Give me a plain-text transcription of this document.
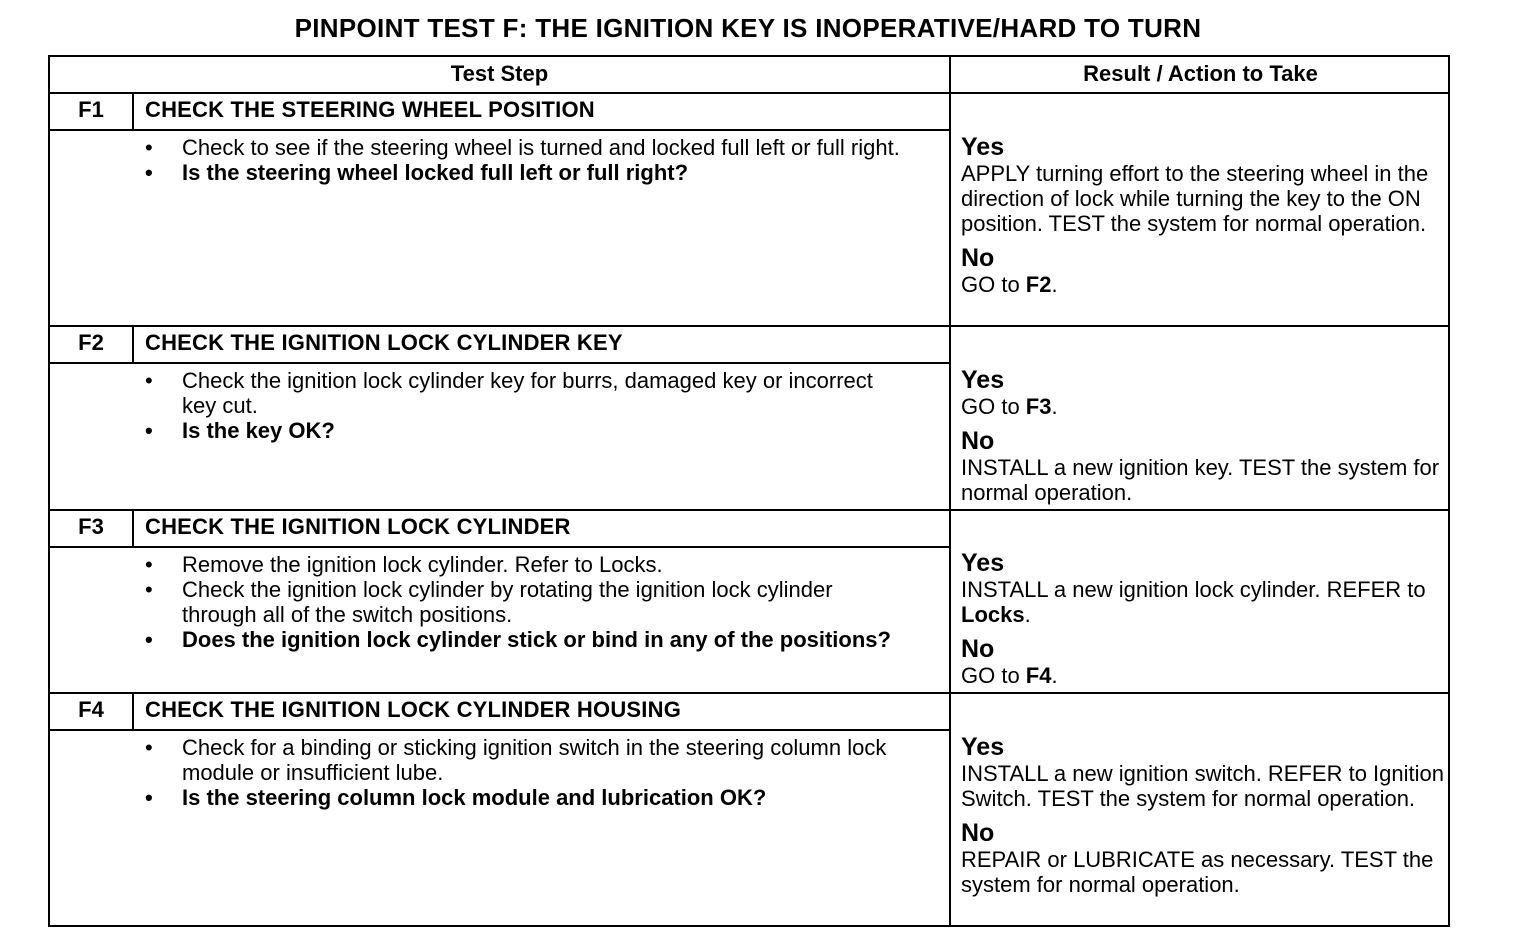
PINPOINT TEST F: THE IGNITION KEY IS INOPERATIVE/HARD TO TURN
Test Step	Result / Action to Take
F1	CHECK THE STEERING WHEEL POSITION
• Check to see if the steering wheel is turned and locked full left or full right.
• Is the steering wheel locked full left or full right?
Yes
APPLY turning effort to the steering wheel in the direction of lock while turning the key to the ON position. TEST the system for normal operation.
No
GO to F2.
F2	CHECK THE IGNITION LOCK CYLINDER KEY
• Check the ignition lock cylinder key for burrs, damaged key or incorrect key cut.
• Is the key OK?
Yes
GO to F3.
No
INSTALL a new ignition key. TEST the system for normal operation.
F3	CHECK THE IGNITION LOCK CYLINDER
• Remove the ignition lock cylinder. Refer to Locks.
• Check the ignition lock cylinder by rotating the ignition lock cylinder through all of the switch positions.
• Does the ignition lock cylinder stick or bind in any of the positions?
Yes
INSTALL a new ignition lock cylinder. REFER to Locks.
No
GO to F4.
F4	CHECK THE IGNITION LOCK CYLINDER HOUSING
• Check for a binding or sticking ignition switch in the steering column lock module or insufficient lube.
• Is the steering column lock module and lubrication OK?
Yes
INSTALL a new ignition switch. REFER to Ignition Switch. TEST the system for normal operation.
No
REPAIR or LUBRICATE as necessary. TEST the system for normal operation.
